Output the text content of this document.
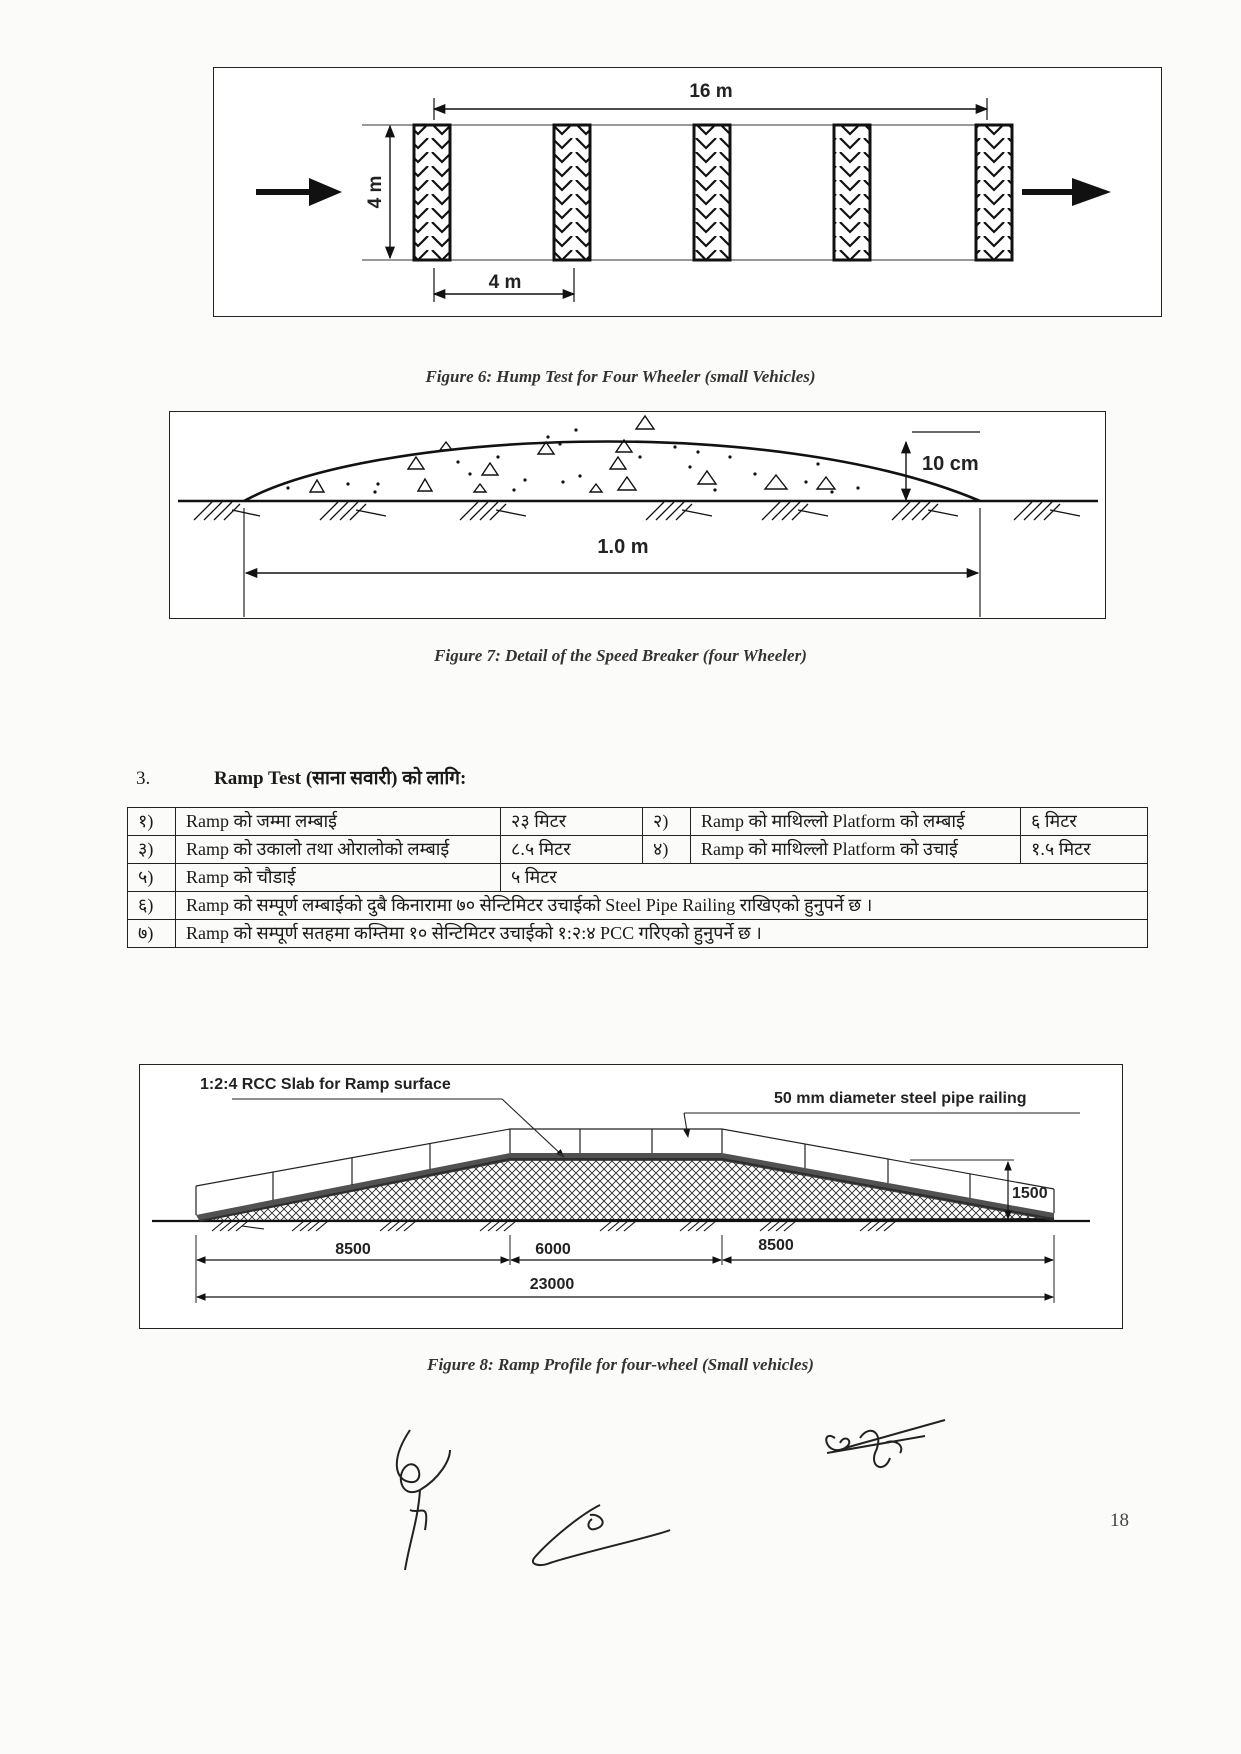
16 m
4 m
4 m
Figure 6: Hump Test for Four Wheeler (small Vehicles)
10 cm
1.0 m
Figure 7: Detail of the Speed Breaker (four Wheeler)
3.	Ramp Test (साना सवारी) को लागि:
१)	Ramp को जम्मा लम्बाई	२३ मिटर	२)	Ramp को माथिल्लो Platform को लम्बाई	६ मिटर
३)	Ramp को उकालो तथा ओरालोको लम्बाई	८.५ मिटर	४)	Ramp को माथिल्लो Platform को उचाई	१.५ मिटर
५)	Ramp को चौडाई	५ मिटर			
६)	Ramp को सम्पूर्ण लम्बाईको दुबै किनारामा ७० सेन्टिमिटर उचाईको Steel Pipe Railing राखिएको हुनुपर्ने छ ।				
७)	Ramp को सम्पूर्ण सतहमा कम्तिमा १० सेन्टिमिटर उचाईको १:२:४ PCC गरिएको हुनुपर्ने छ ।				
1:2:4 RCC Slab for Ramp surface
50 mm diameter steel pipe railing
1500
8500	6000	8500
23000
Figure 8: Ramp Profile for four-wheel (Small vehicles)
18
